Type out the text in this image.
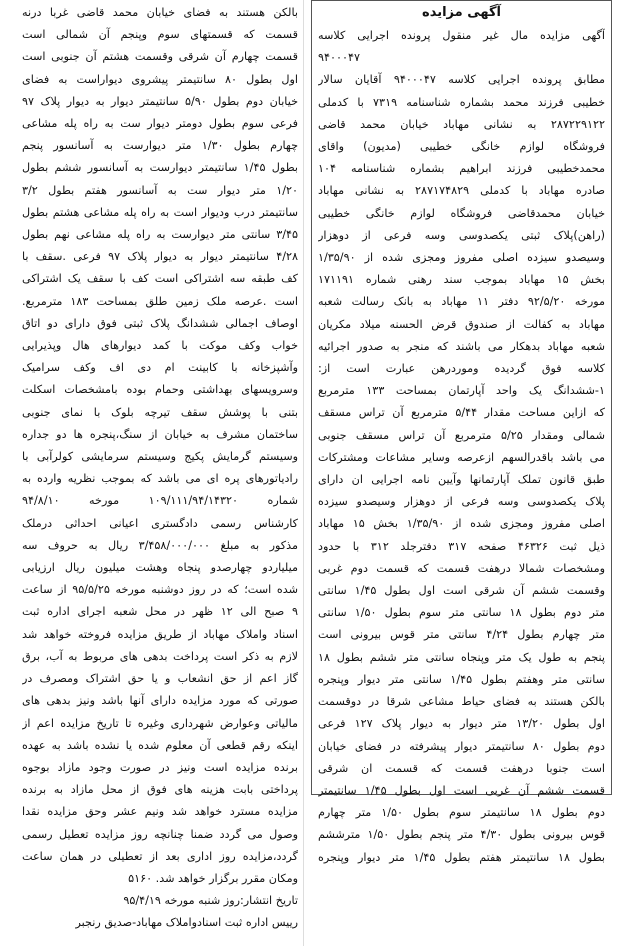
آگهی مزایده
آگهی مزایده مال غیر منقول پرونده اجرایی کلاسه
۹۴۰۰۰۴۷
مطابق پرونده اجرایی کلاسه ۹۴۰۰۰۴۷ آقایان سالار
خطیبی فرزند محمد بشماره شناسنامه ۷۳۱۹ با کدملی
۲۸۷۲۲۹۱۲۲ به نشانی مهاباد خیابان محمد قاضی
فروشگاه لوازم خانگی خطیبی (مدیون) واقای
محمدخطیبی فرزند ابراهیم بشماره شناسنامه ۱۰۴
صادره مهاباد با کدملی ۲۸۷۱۷۴۸۲۹ به نشانی مهاباد
خیابان محمدقاضی فروشگاه لوازم خانگی خطیبی
(راهن)پلاک ثبتی یکصدوسی وسه فرعی از دوهزار
وسیصدو سیزده اصلی مفروز ومجزی شده از ۱/۳۵/۹۰
بخش ۱۵ مهاباد بموجب سند رهنی شماره ۱۷۱۱۹۱
مورخه ۹۲/۵/۲۰ دفتر ۱۱ مهاباد به بانک رسالت شعبه
مهاباد به کفالت از صندوق قرض الحسنه میلاد مکریان
شعبه مهاباد بدهکار می باشند که منجر به صدور اجرائیه
کلاسه فوق گردیده وموردرهن عبارت است از:
۱-ششدانگ یک واحد آپارتمان بمساحت ۱۳۳ مترمربع
که ازاین مساحت مقدار ۵/۴۴ مترمربع آن تراس مسقف
شمالی ومقدار ۵/۲۵ مترمربع آن تراس مسقف جنوبی
می باشد باقدرالسهم ازعرصه وسایر مشاعات ومشترکات
طبق قانون تملک آپارتمانها وآیین نامه اجرایی ان دارای
پلاک یکصدوسی وسه فرعی از دوهزار وسیصدو سیزده
اصلی مفروز ومجزی شده از ۱/۳۵/۹۰ بخش ۱۵ مهاباد
ذیل ثبت ۴۶۳۲۶ صفحه ۳۱۷ دفترجلد ۳۱۲ با حدود
ومشخصات شمالا درهفت قسمت که قسمت دوم غربی
وقسمت ششم آن شرقی است اول بطول ۱/۴۵ سانتی
متر دوم بطول ۱۸ سانتی متر سوم بطول ۱/۵۰ سانتی
متر چهارم بطول ۴/۲۴ سانتی متر قوس بیرونی است
پنجم به طول یک متر وپنجاه سانتی متر ششم بطول ۱۸
سانتی متر وهفتم بطول ۱/۴۵ سانتی متر دیوار وپنجره
بالکن هستند به فضای حیاط مشاعی شرقا در دوقسمت
اول بطول ۱۳/۲۰ متر دیوار به دیوار پلاک ۱۲۷ فرعی
دوم بطول ۸۰ سانتیمتر دیوار پیشرفته در فضای خیابان
است جنوبا درهفت قسمت که قسمت ان شرقی
قسمت ششم آن غربی است اول بطول ۱/۴۵ سانتیمتر
دوم بطول ۱۸ سانتیمتر سوم بطول ۱/۵۰ متر چهارم
قوس بیرونی بطول ۴/۳۰ متر پنجم بطول ۱/۵۰ مترششم
بطول ۱۸ سانتیمتر هفتم بطول ۱/۴۵ متر دیوار وپنجره
بالکن هستند به فضای خیابان محمد قاضی غربا درنه
قسمت که قسمتهای سوم وپنجم آن شمالی است
قسمت چهارم آن شرقی وقسمت هشتم آن جنوبی است
اول بطول ۸۰ سانتیمتر پیشروی دیواراست به فضای
خیابان دوم بطول ۵/۹۰ سانتیمتر دیوار به دیوار پلاک ۹۷
فرعی سوم بطول دومتر دیوار ست به راه پله مشاعی
چهارم بطول ۱/۳۰ متر دیوارست به آسانسور پنجم
بطول ۱/۴۵ سانتیمتر دیوارست به آسانسور ششم بطول
۱/۲۰ متر دیوار ست به آسانسور هفتم بطول ۳/۲
سانتیمتر درب ودیوار است به راه پله مشاعی هشتم بطول
۳/۴۵ سانتی متر دیوارست به راه پله مشاعی نهم بطول
۴/۲۸ سانتیمتر دیوار به دیوار پلاک ۹۷ فرعی .سقف با
کف طبقه سه اشتراکی است کف با سقف یک اشتراکی
است .عرصه ملک زمین طلق بمساحت ۱۸۳ مترمربع.
اوصاف اجمالی ششدانگ پلاک ثبتی فوق دارای دو اتاق
خواب وکف موکت با کمد دیوارهای هال وپذیرایی
وآشپزخانه با کابینت ام دی اف وکف سرامیک
وسرویسهای بهداشتی وحمام بوده بامشخصات اسکلت
بتنی با پوشش سقف تیرچه بلوک با نمای جنوبی
ساختمان مشرف به خیابان از سنگ،پنجره ها دو جداره
وسیستم گرمایش پکیج وسیستم سرمایشی کولرآبی با
رادیاتورهای پره ای می باشد که بموجب نظریه وارده به
شماره ۱۰۹/۱۱۱/۹۴/۱۴۳۲۰ مورخه ۹۴/۸/۱۰
کارشناس رسمی دادگستری اعیانی احداثی درملک
مذکور به مبلغ ۳/۴۵۸/۰۰۰/۰۰۰ ریال به حروف سه
میلیاردو چهارصدو پنجاه وهشت میلیون ریال ارزیابی
شده است؛ که در روز دوشنبه مورخه ۹۵/۵/۲۵ از ساعت
۹ صبح الی ۱۲ ظهر در محل شعبه اجرای اداره ثبت
اسناد واملاک مهاباد از طریق مزایده فروخته خواهد شد
لازم به ذکر است پرداخت بدهی های مربوط به آب، برق
گاز اعم از حق انشعاب و یا حق اشتراک ومصرف در
صورتی که مورد مزایده دارای آنها باشد ونیز بدهی های
مالیاتی وعوارض شهرداری وغیره تا تاریخ مزایده اعم از
اینکه رقم قطعی آن معلوم شده یا نشده باشد به عهده
برنده مزایده است ونیز در صورت وجود مازاد بوجوه
پرداختی بابت هزینه های فوق از محل مازاد به برنده
مزایده مسترد خواهد شد ونیم عشر وحق مزایده نقدا
وصول می گردد ضمنا چنانچه روز مزایده تعطیل رسمی
گردد،مزایده روز اداری بعد از تعطیلی در همان ساعت
ومکان مقرر برگزار خواهد شد. ۵۱۶۰
تاریخ انتشار:روز شنبه مورخه ۹۵/۴/۱۹
رییس اداره ثبت اسنادواملاک مهاباد-صدیق رنجبر
